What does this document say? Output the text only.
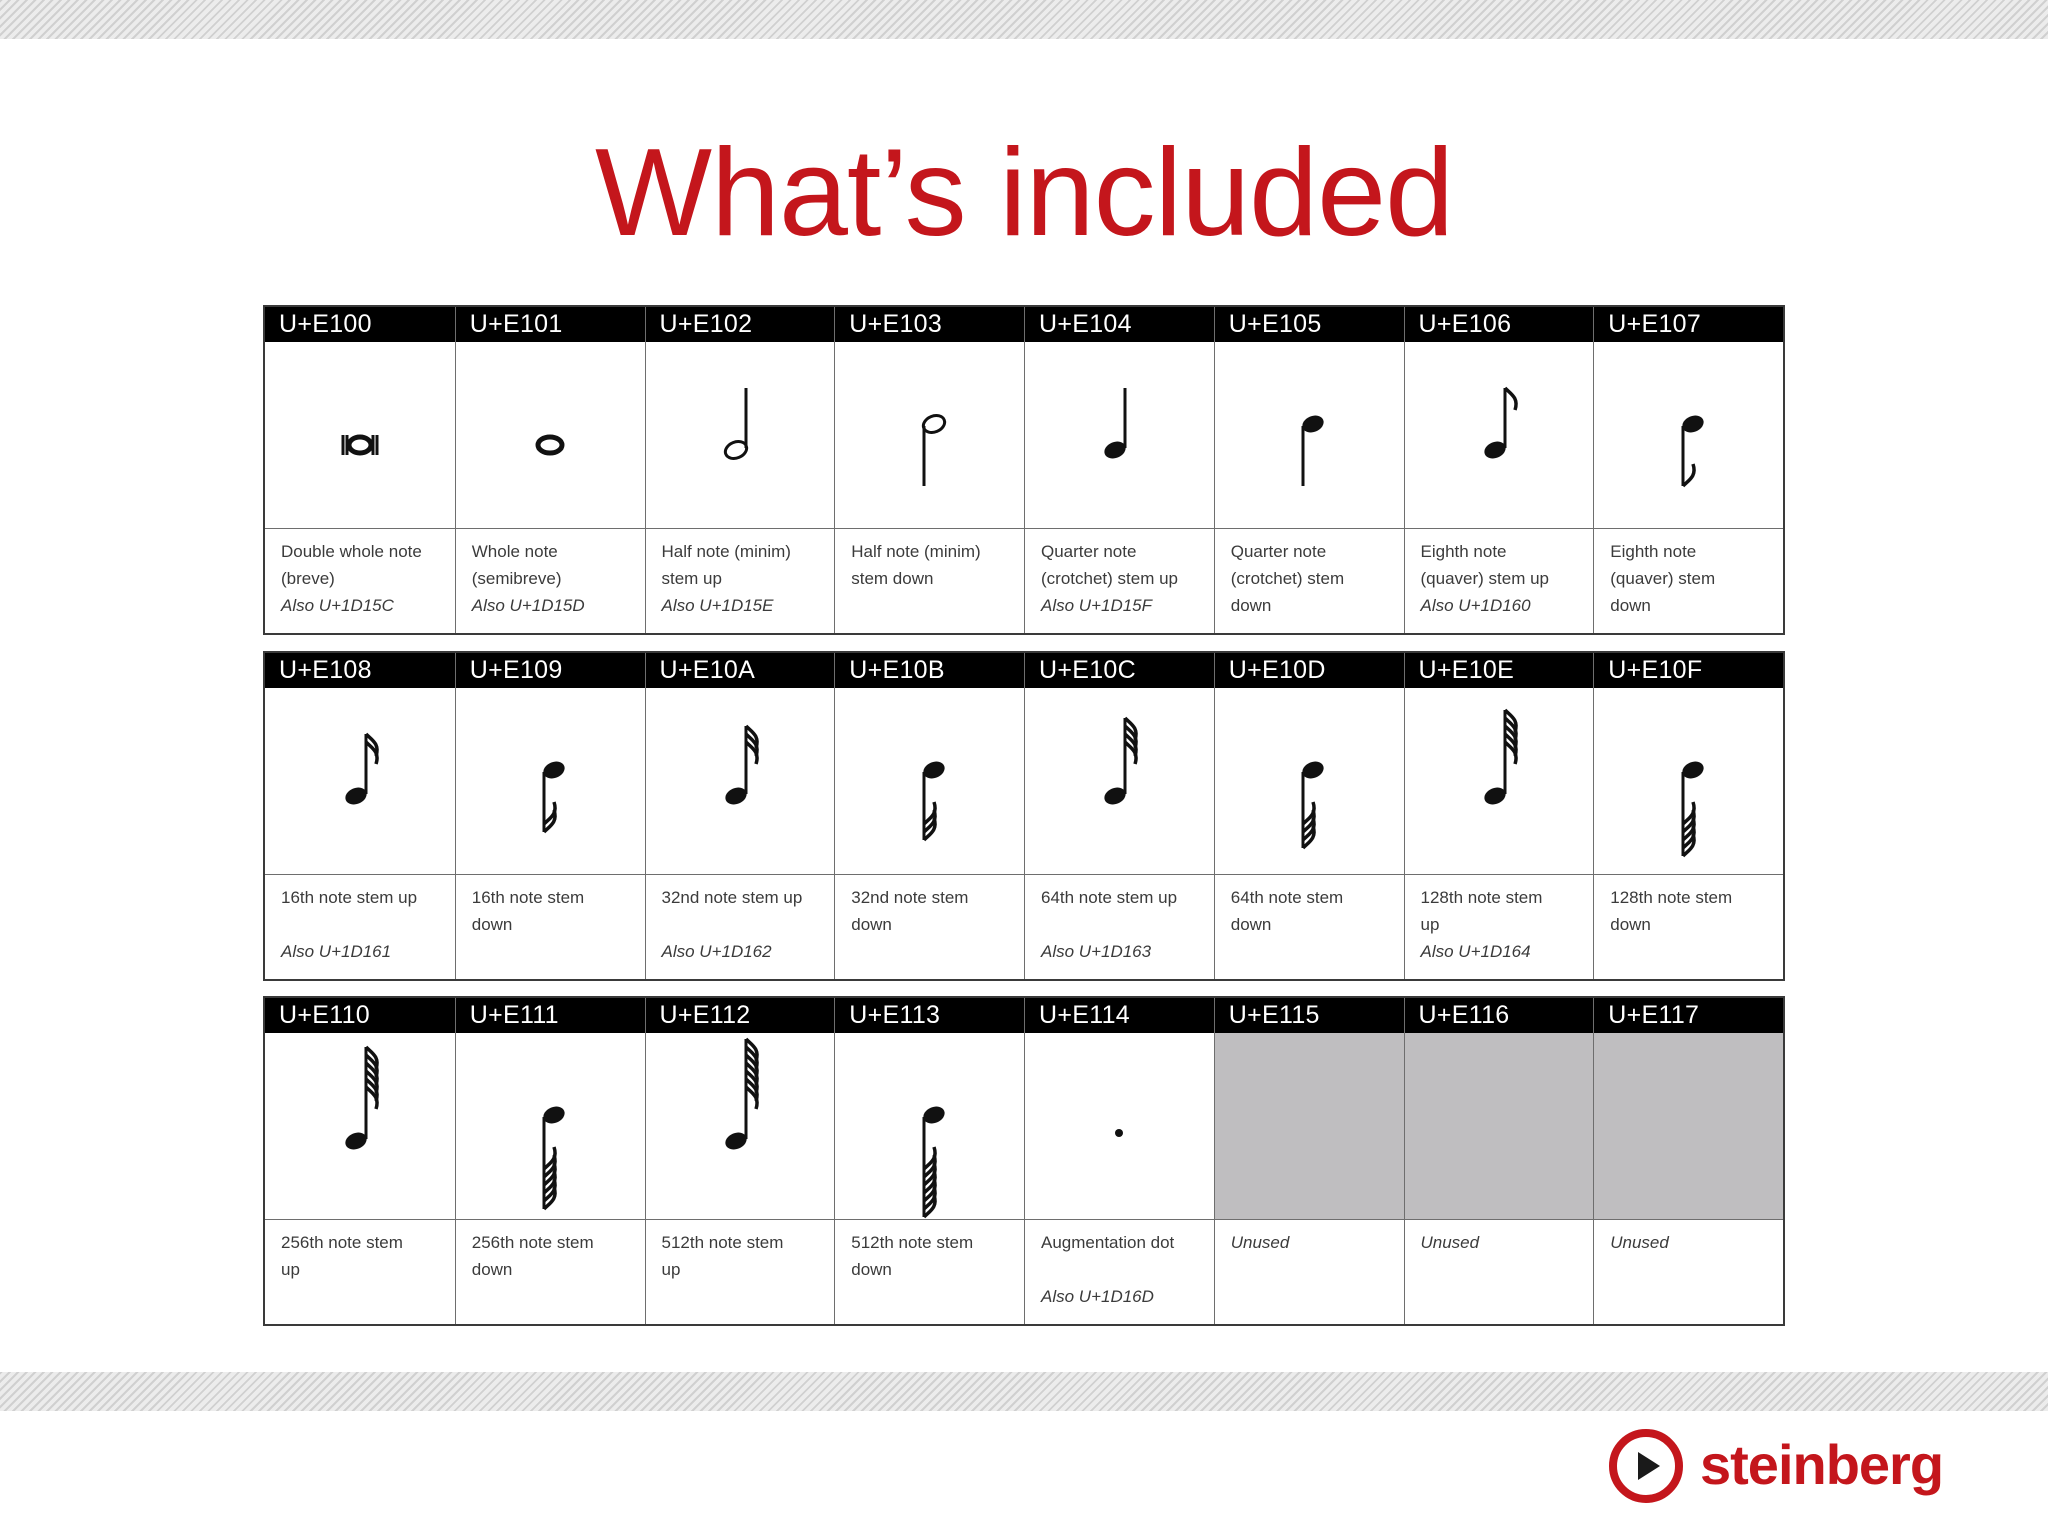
What’s included
U+E100
Double whole note
(breve)
Also U+1D15C
U+E101
Whole note
(semibreve)
Also U+1D15D
U+E102
Half note (minim)
stem up
Also U+1D15E
U+E103
Half note (minim)
stem down
U+E104
Quarter note
(crotchet) stem up
Also U+1D15F
U+E105
Quarter note
(crotchet) stem
down
U+E106
Eighth note
(quaver) stem up
Also U+1D160
U+E107
Eighth note
(quaver) stem
down
U+E108
16th note stem up
Also U+1D161
U+E109
16th note stem
down
U+E10A
32nd note stem up
Also U+1D162
U+E10B
32nd note stem
down
U+E10C
64th note stem up
Also U+1D163
U+E10D
64th note stem
down
U+E10E
128th note stem
up
Also U+1D164
U+E10F
128th note stem
down
U+E110
256th note stem
up
U+E111
256th note stem
down
U+E112
512th note stem
up
U+E113
512th note stem
down
U+E114
Augmentation dot
Also U+1D16D
U+E115
Unused
U+E116
Unused
U+E117
Unused
steinberg
